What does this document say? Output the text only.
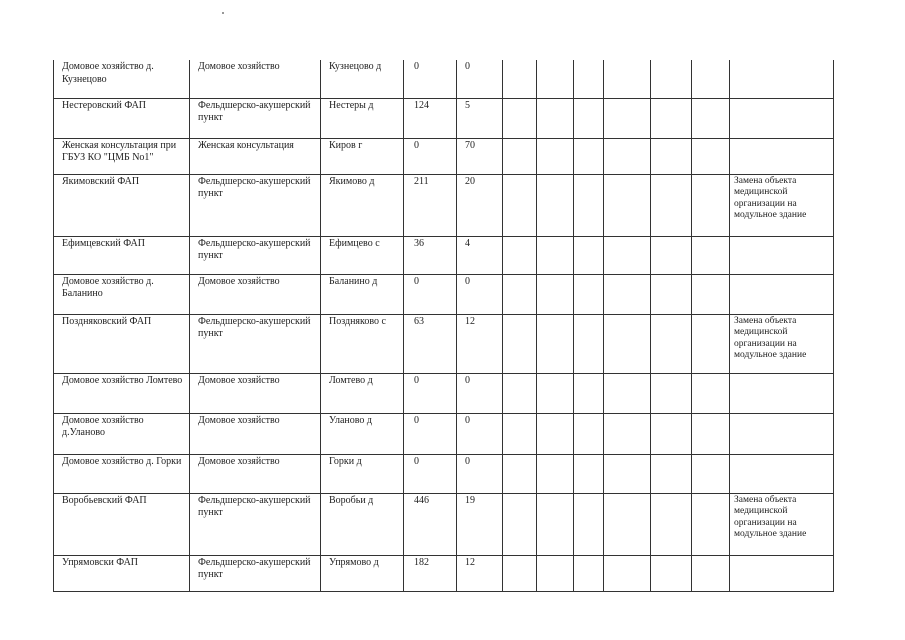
Домовое хозяйство д. Кузнецово	Домовое хозяйство	Кузнецово д	0	0							
Нестеровский ФАП	Фельдшерско-акушерский пункт	Нестеры д	124	5							
Женская консультация при ГБУЗ КО "ЦМБ No1"	Женская консультация	Киров г	0	70							
Якимовский ФАП	Фельдшерско-акушерский пункт	Якимово д	211	20							Замена объекта медицинской организации на модульное здание
Ефимцевский ФАП	Фельдшерско-акушерский пункт	Ефимцево с	36	4							
Домовое хозяйство д. Баланино	Домовое хозяйство	Баланино д	0	0							
Поздняковский ФАП	Фельдшерско-акушерский пункт	Поздняково с	63	12							Замена объекта медицинской организации на модульное здание
Домовое хозяйство Ломтево	Домовое хозяйство	Ломтево д	0	0							
Домовое хозяйство д.Уланово	Домовое хозяйство	Уланово д	0	0							
Домовое хозяйство д. Горки	Домовое хозяйство	Горки д	0	0							
Воробьевский ФАП	Фельдшерско-акушерский пункт	Воробьи д	446	19							Замена объекта медицинской организации на модульное здание
Упрямовски ФАП	Фельдшерско-акушерский пункт	Упрямово д	182	12							
